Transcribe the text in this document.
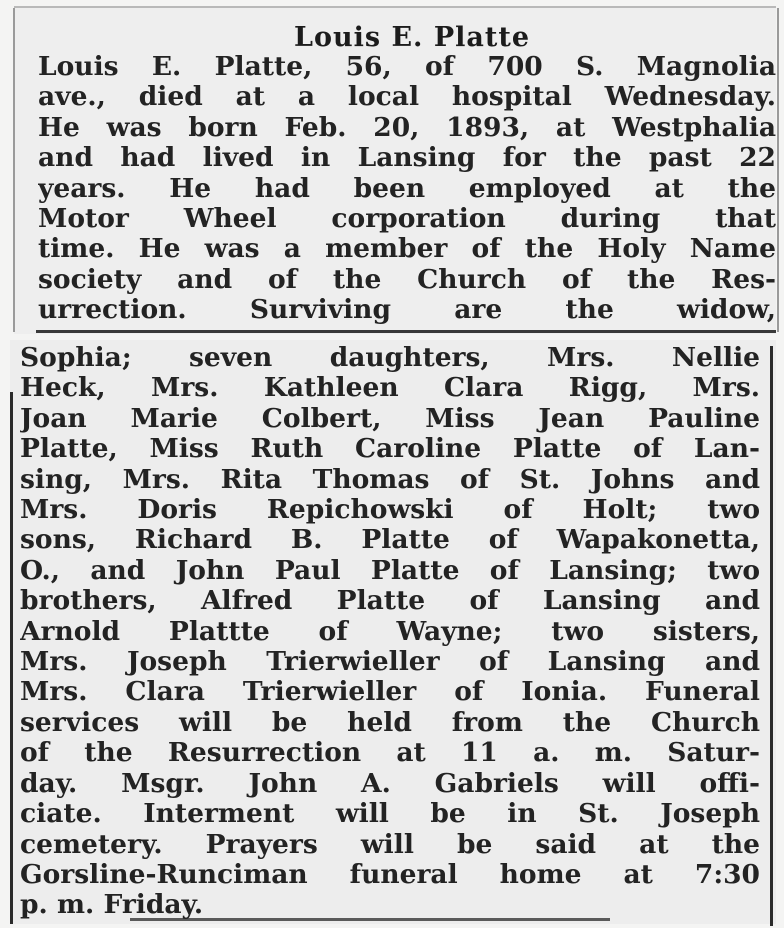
Louis E. Platte
Louis E. Platte, 56, of 700 S. Magnolia
ave., died at a local hospital Wednesday.
He was born Feb. 20, 1893, at Westphalia
and had lived in Lansing for the past 22
years. He had been employed at the
Motor Wheel corporation during that
time. He was a member of the Holy Name
society and of the Church of the Res-
urrection. Surviving are the widow,
Sophia; seven daughters, Mrs. Nellie
Heck, Mrs. Kathleen Clara Rigg, Mrs.
Joan Marie Colbert, Miss Jean Pauline
Platte, Miss Ruth Caroline Platte of Lan-
sing, Mrs. Rita Thomas of St. Johns and
Mrs. Doris Repichowski of Holt; two
sons, Richard B. Platte of Wapakonetta,
O., and John Paul Platte of Lansing; two
brothers, Alfred Platte of Lansing and
Arnold Plattte of Wayne; two sisters,
Mrs. Joseph Trierwieller of Lansing and
Mrs. Clara Trierwieller of Ionia. Funeral
services will be held from the Church
of the Resurrection at 11 a. m. Satur-
day. Msgr. John A. Gabriels will offi-
ciate. Interment will be in St. Joseph
cemetery. Prayers will be said at the
Gorsline-Runciman funeral home at 7:30
p. m. Friday.
